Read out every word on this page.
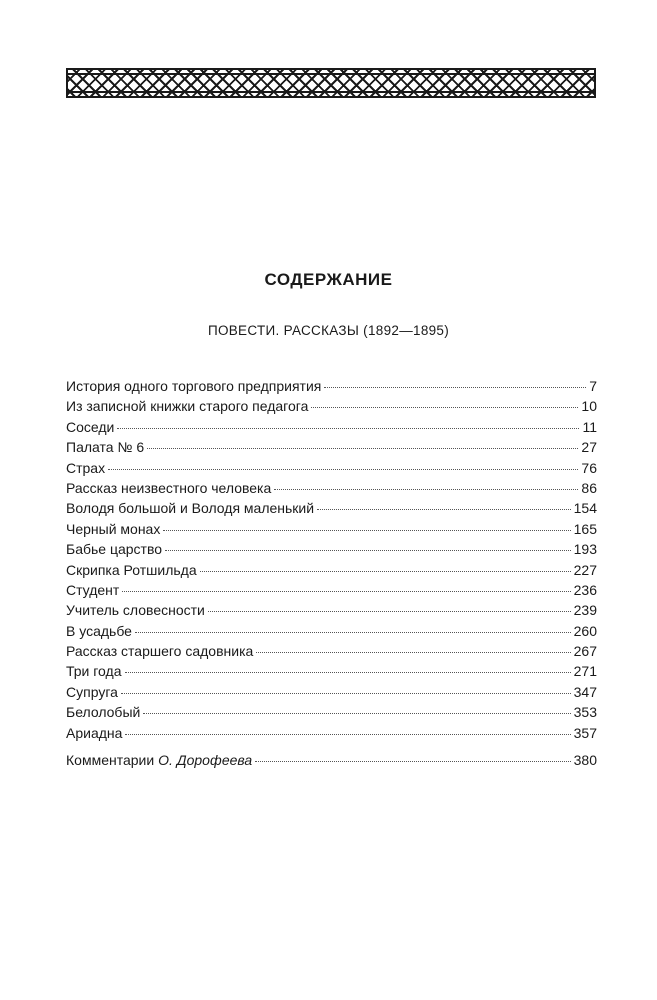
СОДЕРЖАНИЕ
ПОВЕСТИ. РАССКАЗЫ (1892—1895)
История одного торгового предприятия	7
Из записной книжки старого педагога	10
Соседи	11
Палата № 6	27
Страх	76
Рассказ неизвестного человека	86
Володя большой и Володя маленький	154
Черный монах	165
Бабье царство	193
Скрипка Ротшильда	227
Студент	236
Учитель словесности	239
В усадьбе	260
Рассказ старшего садовника	267
Три года	271
Супруга	347
Белолобый	353
Ариадна	357
Комментарии О. Дорофеева	380
